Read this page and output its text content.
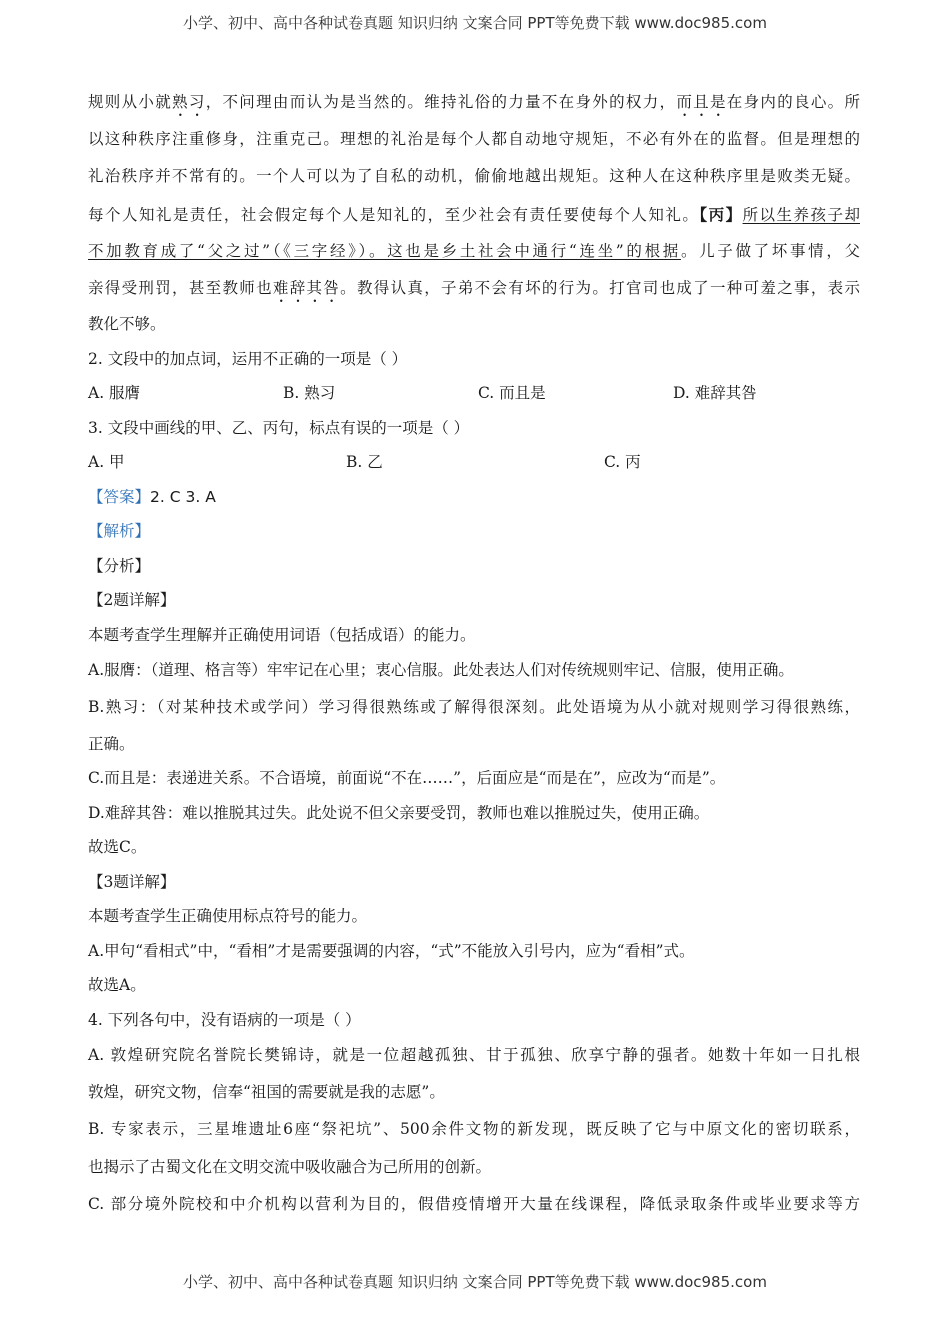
小学、初中、高中各种试卷真题 知识归纳 文案合同 PPT等免费下载 www.doc985.com
规则从小就熟习，不问理由而认为是当然的。维持礼俗的力量不在身外的权力，而且是在身内的良心。所
以这种秩序注重修身，注重克己。理想的礼治是每个人都自动地守规矩，不必有外在的监督。但是理想的
礼治秩序并不常有的。一个人可以为了自私的动机，偷偷地越出规矩。这种人在这种秩序里是败类无疑。
每个人知礼是责任，社会假定每个人是知礼的，至少社会有责任要使每个人知礼。【丙】所以生养孩子却
不加教育成了“父之过”（《三字经》）。这也是乡土社会中通行“连坐”的根据。儿子做了坏事情，父
亲得受刑罚，甚至教师也难辞其咎。教得认真，子弟不会有坏的行为。打官司也成了一种可羞之事，表示
教化不够。
2. 文段中的加点词，运用不正确的一项是（ ）
A. 服膺	B. 熟习	C. 而且是	D. 难辞其咎
3. 文段中画线的甲、乙、丙句，标点有误的一项是（ ）
A. 甲	B. 乙	C. 丙
【答案】2. C 3. A
【解析】
【分析】
【2题详解】
本题考查学生理解并正确使用词语（包括成语）的能力。
A.服膺：（道理、格言等）牢牢记在心里；衷心信服。此处表达人们对传统规则牢记、信服，使用正确。
B.熟习：（对某种技术或学问）学习得很熟练或了解得很深刻。此处语境为从小就对规则学习得很熟练，
正确。
C.而且是：表递进关系。不合语境，前面说“不在……”，后面应是“而是在”，应改为“而是”。
D.难辞其咎：难以推脱其过失。此处说不但父亲要受罚，教师也难以推脱过失，使用正确。
故选C。
【3题详解】
本题考查学生正确使用标点符号的能力。
A.甲句“看相式”中，“看相”才是需要强调的内容，“式”不能放入引号内，应为“看相”式。
故选A。
4. 下列各句中，没有语病的一项是（ ）
A. 敦煌研究院名誉院长樊锦诗，就是一位超越孤独、甘于孤独、欣享宁静的强者。她数十年如一日扎根
敦煌，研究文物，信奉“祖国的需要就是我的志愿”。
B. 专家表示，三星堆遗址6座“祭祀坑”、500余件文物的新发现，既反映了它与中原文化的密切联系，
也揭示了古蜀文化在文明交流中吸收融合为己所用的创新。
C. 部分境外院校和中介机构以营利为目的，假借疫情增开大量在线课程，降低录取条件或毕业要求等方
小学、初中、高中各种试卷真题 知识归纳 文案合同 PPT等免费下载 www.doc985.com
